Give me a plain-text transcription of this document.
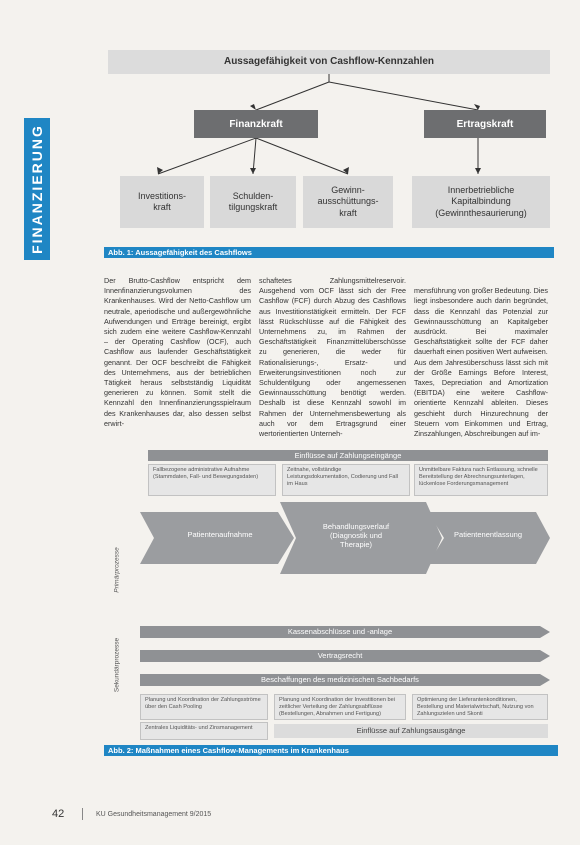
FINANZIERUNG
Aussagefähigkeit von Cashflow-Kennzahlen
Finanzkraft	Ertragskraft
Investitions-
kraft
Schulden-
tilgungskraft
Gewinn-
ausschüttungs-
kraft
Innerbetriebliche
Kapitalbindung
(Gewinnthesaurierung)
Abb. 1: Aussagefähigkeit des Cashflows

Der Brutto-Cashflow entspricht dem Innenfinanzierungsvolumen des Krankenhauses. Wird der Netto-Cashflow um neutrale, aperiodische und außergewöhnliche Aufwendungen und Erträge bereinigt, ergibt sich zudem eine weitere Cashflow-Kennzahl – der Operating Cashflow (OCF), auch Cashflow aus laufender Geschäftstätigkeit genannt. Der OCF beschreibt die Fähigkeit des Unternehmens, aus der betrieblichen Tätigkeit heraus selbstständig Liquidität generieren zu können. Somit stellt die Kennzahl den Innenfinanzierungsspielraum des Krankenhauses dar, also dessen selbst erwirt-

schaftetes Zahlungsmittelreservoir. Ausgehend vom OCF lässt sich der Free Cashflow (FCF) durch Abzug des Cashflows aus Investitionstätigkeit ermitteln. Der FCF lässt Rückschlüsse auf die Fähigkeit des Unternehmens zu, im Rahmen der Geschäftstätigkeit Finanzmittelüberschüsse zu generieren, die weder für Rationalisierungs-, Ersatz- und Erweiterungsinvestitionen noch zur Schuldentilgung oder angemessenen Gewinnausschüttung benötigt werden. Deshalb ist diese Kennzahl sowohl im Rahmen der Unternehmensbewertung als auch vor dem Ertragsgrund einer wertorientierten Unterneh-

mensführung von großer Bedeutung. Dies liegt insbesondere auch darin begründet, dass die Kennzahl das Potenzial zur Gewinnausschüttung an Kapitalgeber ausdrückt. Bei maximaler Geschäftstätigkeit sollte der FCF daher dauerhaft einen positiven Wert aufweisen.
Aus dem Jahresüberschuss lässt sich mit der Größe Earnings Before Interest, Taxes, Depreciation and Amortization (EBITDA) eine weitere Cashflow-orientierte Kennzahl ableiten. Dieses geschieht durch Hinzurechnung der Steuern vom Einkommen und Ertrag, Zinszahlungen, Abschreibungen auf im-

Einflüsse auf Zahlungseingänge
Fallbezogene administrative Aufnahme (Stammdaten, Fall- und Bewegungsdaten)
Zeitnahe, vollständige Leistungsdokumentation, Codierung und Fall im Haus
Unmittelbare Faktura nach Entlassung, schnelle Bereitstellung der Abrechnungsunterlagen, lückenlose Forderungsmanagement
Sekundärprozesse
Primärprozesse
Patientenaufnahme
Behandlungsverlauf
(Diagnostik und
Therapie)
Patientenentlassung
Kassenabschlüsse und -anlage
Vertragsrecht
Beschaffungen des medizinischen Sachbedarfs
Planung und Koordination der Zahlungsströme über den Cash Pooling
Planung und Koordination der Investitionen bei zeitlicher Verteilung der Zahlungsabflüsse (Bestellungen, Abnahmen und Fertigung)
Optimierung der Lieferantenkonditionen, Bestellung und Materialwirtschaft, Nutzung von Zahlungszielen und Skonti
Zentrales Liquiditäts- und Zinsmanagement	Einflüsse auf Zahlungsausgänge
Abb. 2: Maßnahmen eines Cashflow-Managements im Krankenhaus
42	KU Gesundheitsmanagement 9/2015
